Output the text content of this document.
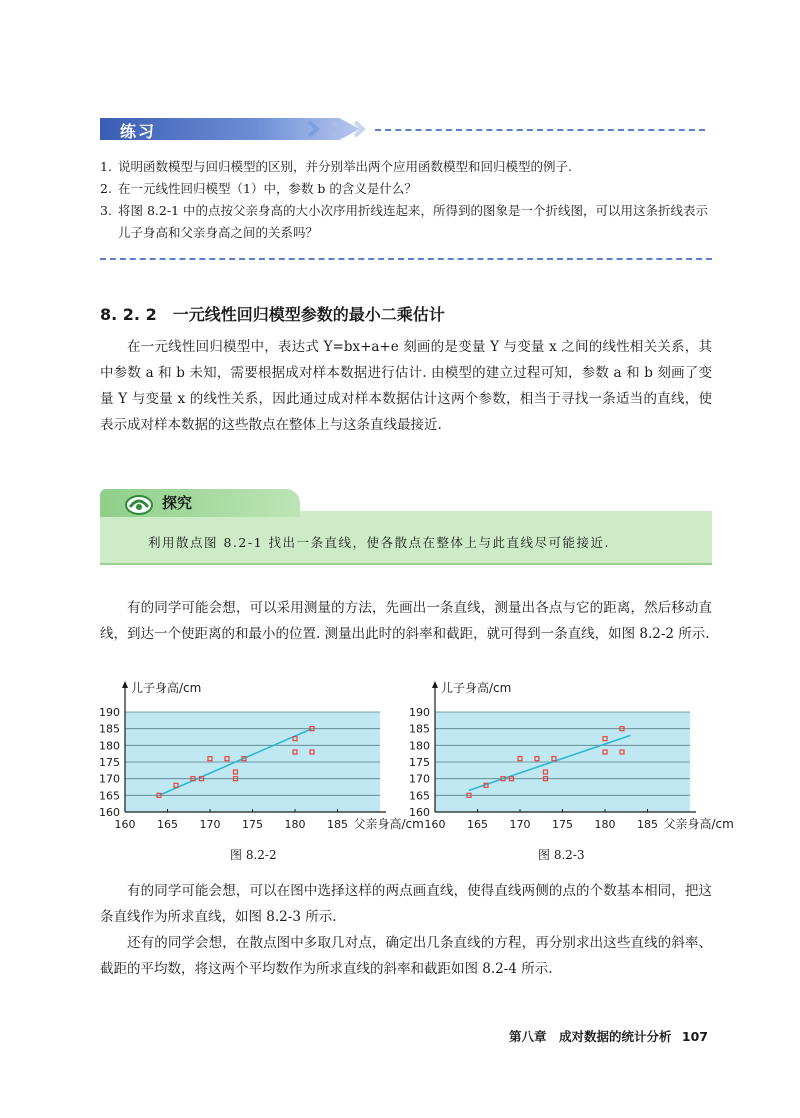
练习
1. 说明函数模型与回归模型的区别，并分别举出两个应用函数模型和回归模型的例子.
2. 在一元线性回归模型（1）中，参数 b 的含义是什么？
3. 将图 8.2-1 中的点按父亲身高的大小次序用折线连起来，所得到的图象是一个折线图，可以用这条折线表示儿子身高和父亲身高之间的关系吗？
8. 2. 2　一元线性回归模型参数的最小二乘估计

在一元线性回归模型中，表达式 Y=bx+a+e 刻画的是变量 Y 与变量 x 之间的线性相关关系，其中参数 a 和 b 未知，需要根据成对样本数据进行估计. 由模型的建立过程可知，参数 a 和 b 刻画了变量 Y 与变量 x 的线性关系，因此通过成对样本数据估计这两个参数，相当于寻找一条适当的直线，使表示成对样本数据的这些散点在整体上与这条直线最接近.

探究
利用散点图 8.2-1 找出一条直线，使各散点在整体上与此直线尽可能接近.

有的同学可能会想，可以采用测量的方法，先画出一条直线，测量出各点与它的距离，然后移动直线，到达一个使距离的和最小的位置. 测量出此时的斜率和截距，就可得到一条直线，如图 8.2-2 所示.

160
165
170
175
180
185
190
160 165 170 175 180 185
儿子身高/cm
父亲身高/cm
160
165
170
175
180
185
190
160 165 170 175 180 185
儿子身高/cm
父亲身高/cm
图 8.2-2	图 8.2-3

有的同学可能会想，可以在图中选择这样的两点画直线，使得直线两侧的点的个数基本相同，把这条直线作为所求直线，如图 8.2-3 所示.

还有的同学会想，在散点图中多取几对点，确定出几条直线的方程，再分别求出这些直线的斜率、截距的平均数，将这两个平均数作为所求直线的斜率和截距如图 8.2-4 所示.

第八章　成对数据的统计分析 107
